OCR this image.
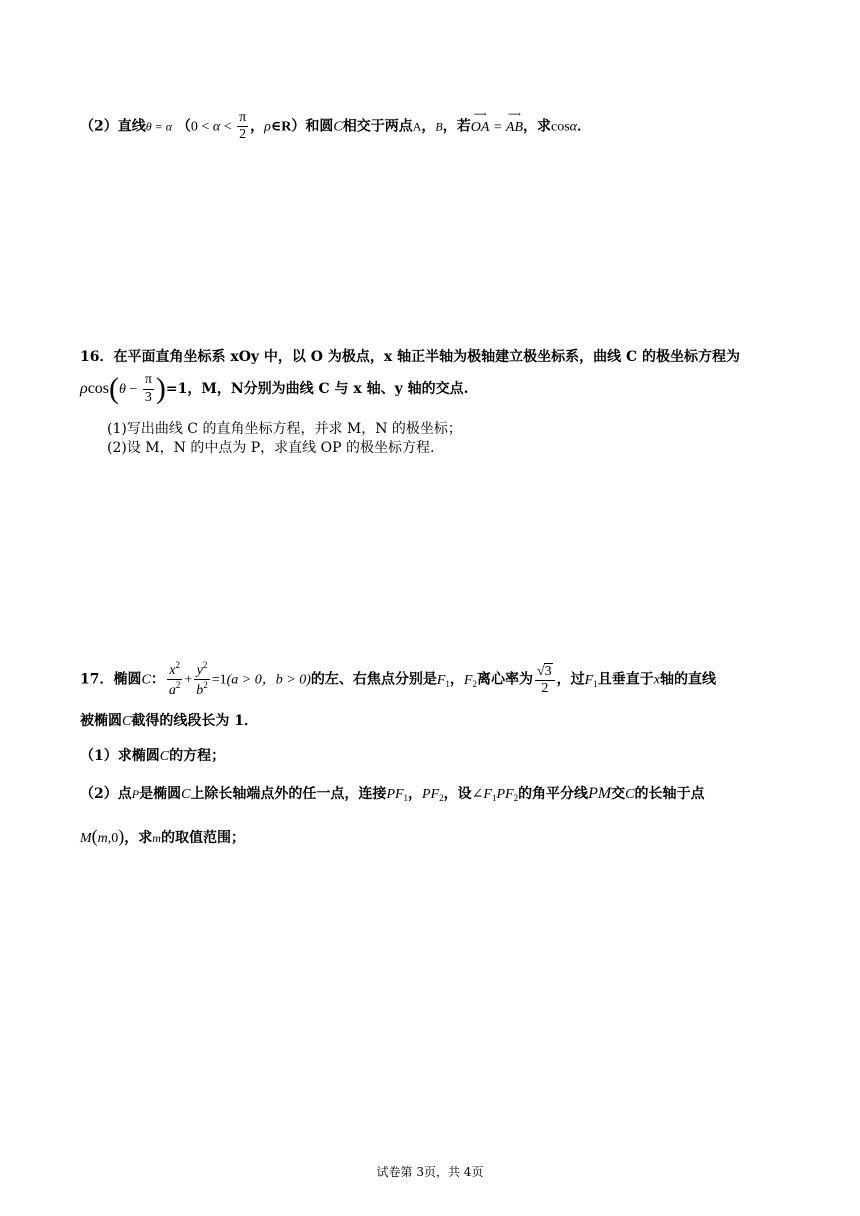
（2）直线θ = α （$0 < \alpha < \frac{\pi}{2}$ ，ρ∈R）和圆C相交于两点A，B，若⟶ OA = ⟶ AB，求cosα．
16．在平面直角坐标系 xOy 中，以 O 为极点，x 轴正半轴为极轴建立极坐标系，曲线 C 的极坐标方程为
$\rho\cos(\theta - \frac{\pi}{3} )=1$，M，N分别为曲线 C 与 x 轴、y 轴的交点.
(1)写出曲线 C 的直角坐标方程，并求 M，N 的极坐标；
(2)设 M，N 的中点为 P，求直线 OP 的极坐标方程.
17．椭圆C： $\frac{x^2}{a^2} + \frac{y^2}{b^2} =1(a > 0$，b > 0)的左、右焦点分别是$F_1$，$F_2$离心率为 $\frac{√3}{2}$ ，过$F_1$且垂直于x轴的直线
被椭圆C截得的线段长为 1．
（1）求椭圆C的方程；
（2）点P是椭圆C上除长轴端点外的任一点，连接$PF_1$，$PF_2$，设$\angle F_1PF_2$的角平分线PM交C的长轴于点
M(m,0)，求m的取值范围；
试卷第 3页，共 4页
